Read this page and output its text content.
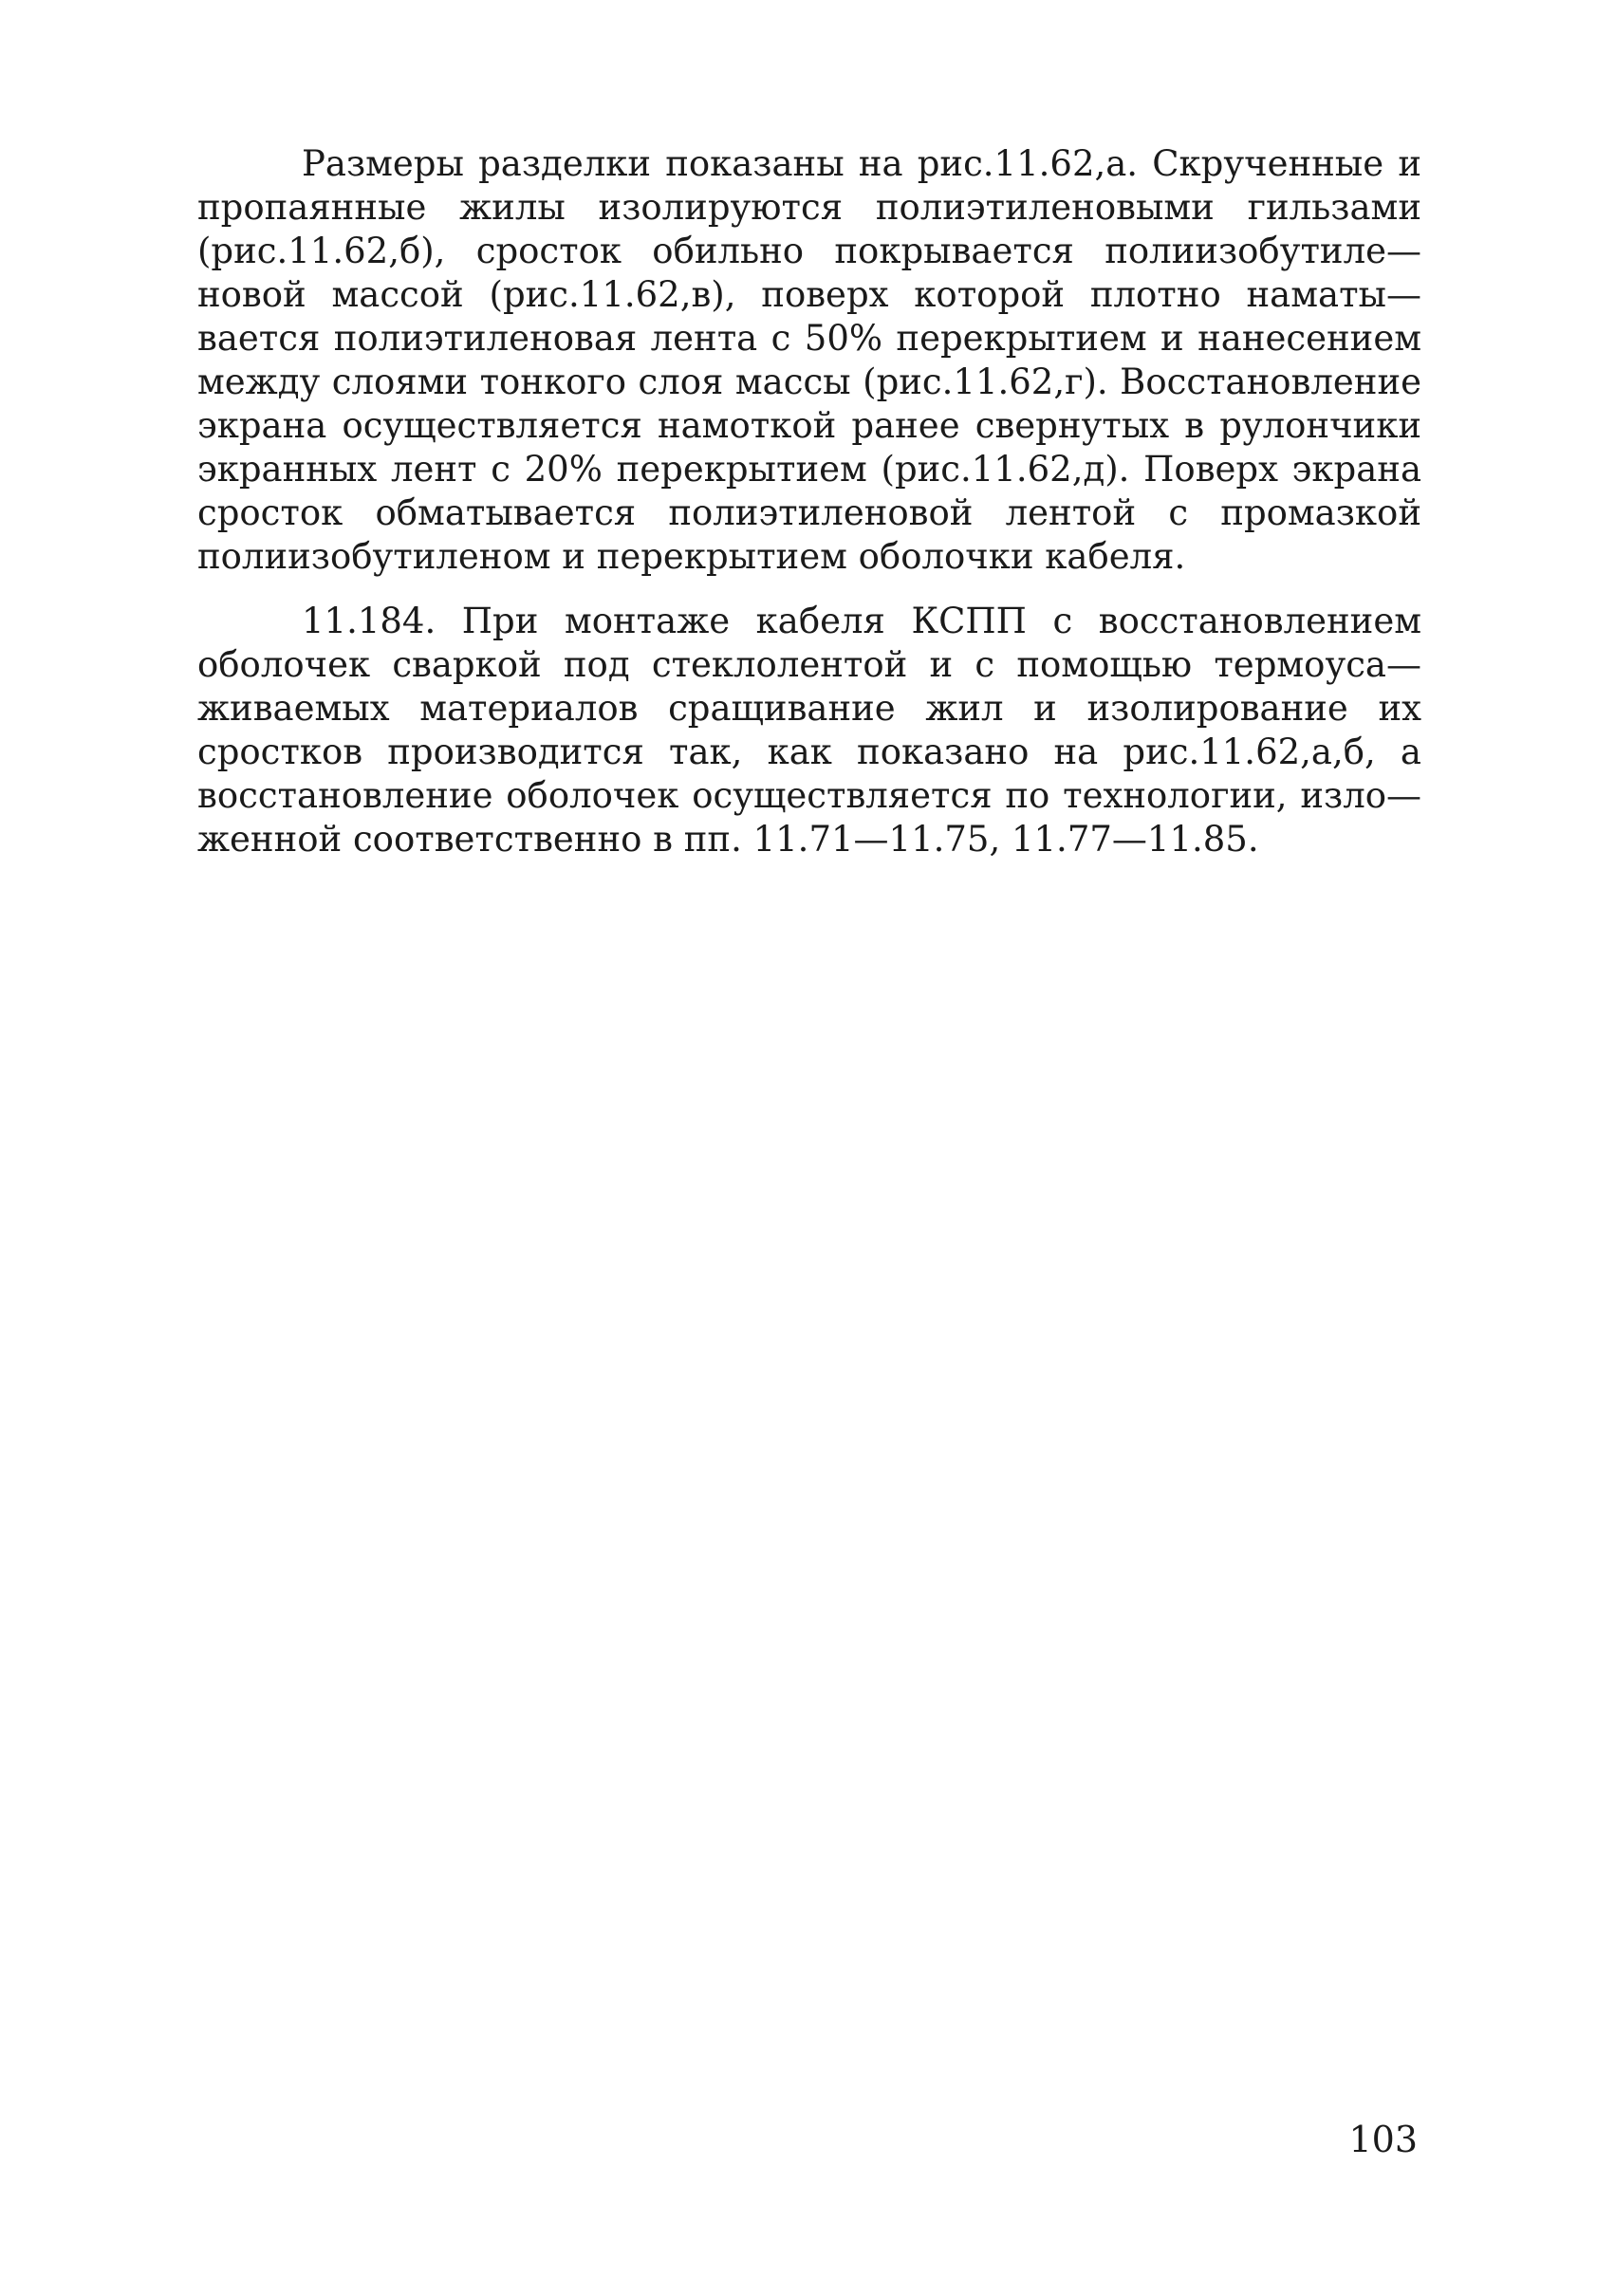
Размеры разделки показаны на рис.11.62,а. Скрученные и
пропаянные жилы изолируются полиэтиленовыми гильзами
(рис.11.62,б), сросток обильно покрывается полиизобутиле—
новой массой (рис.11.62,в), поверх которой плотно наматы—
вается полиэтиленовая лента с 50% перекрытием и нанесением
между слоями тонкого слоя массы (рис.11.62,г). Восстановление
экрана осуществляется намоткой ранее свернутых в рулончики
экранных лент с 20% перекрытием (рис.11.62,д). Поверх экрана
сросток обматывается полиэтиленовой лентой с промазкой
полиизобутиленом и перекрытием оболочки кабеля.
11.184. При монтаже кабеля КСПП с восстановлением
оболочек сваркой под стеклолентой и с помощью термоуса—
живаемых материалов сращивание жил и изолирование их
сростков производится так, как показано на рис.11.62,а,б, а
восстановление оболочек осуществляется по технологии, изло—
женной соответственно в пп. 11.71—11.75, 11.77—11.85.
103
